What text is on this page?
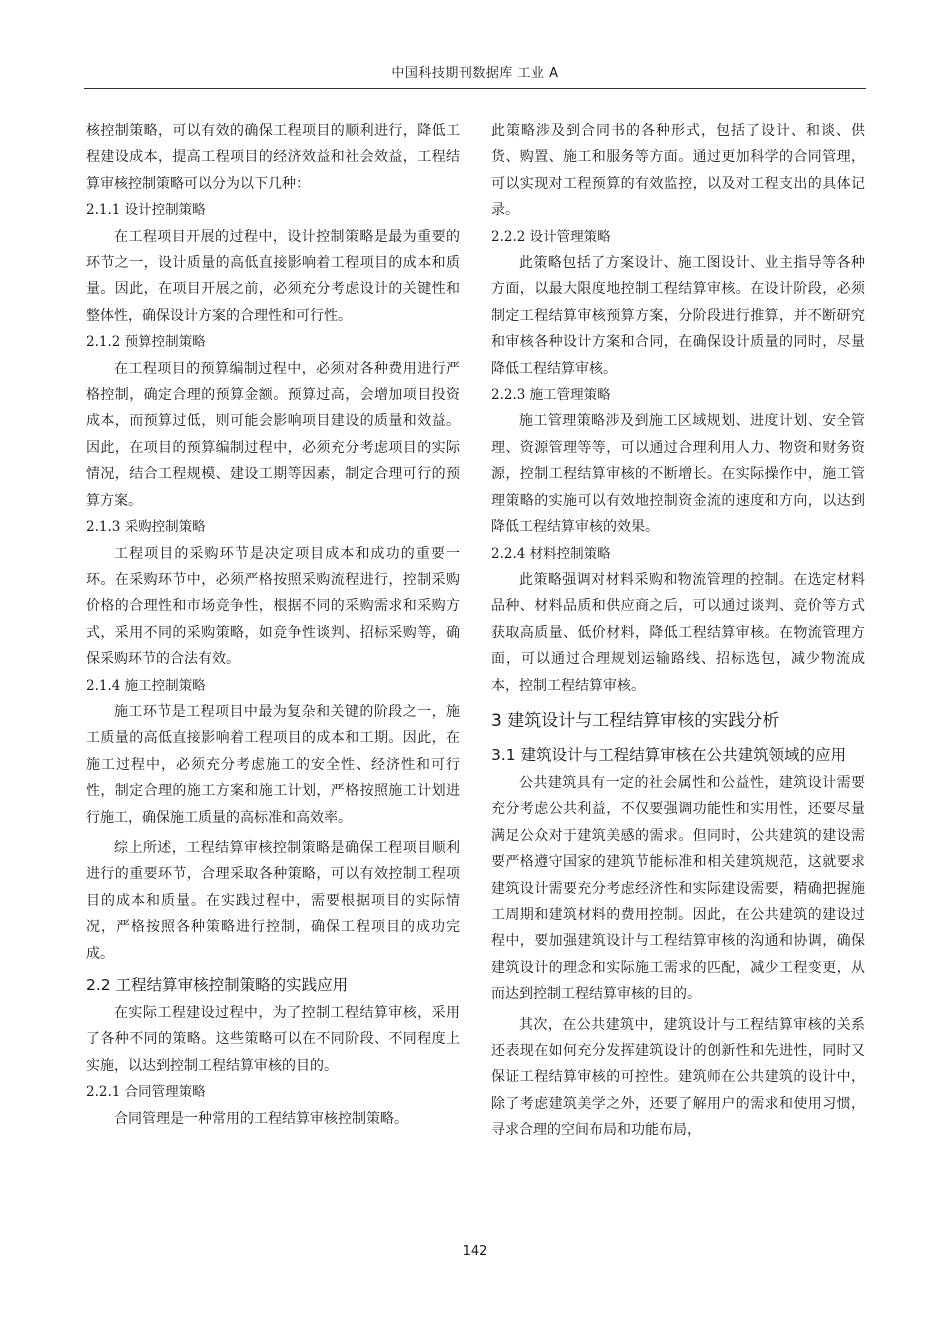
中国科技期刊数据库 工业 A

核控制策略，可以有效的确保工程项目的顺利进行，降低工程建设成本，提高工程项目的经济效益和社会效益，工程结算审核控制策略可以分为以下几种：

2.1.1 设计控制策略

在工程项目开展的过程中，设计控制策略是最为重要的环节之一，设计质量的高低直接影响着工程项目的成本和质量。因此，在项目开展之前，必须充分考虑设计的关键性和整体性，确保设计方案的合理性和可行性。

2.1.2 预算控制策略

在工程项目的预算编制过程中，必须对各种费用进行严格控制，确定合理的预算金额。预算过高，会增加项目投资成本，而预算过低，则可能会影响项目建设的质量和效益。因此，在项目的预算编制过程中，必须充分考虑项目的实际情况，结合工程规模、建设工期等因素，制定合理可行的预算方案。

2.1.3 采购控制策略

工程项目的采购环节是决定项目成本和成功的重要一环。在采购环节中，必须严格按照采购流程进行，控制采购价格的合理性和市场竞争性，根据不同的采购需求和采购方式，采用不同的采购策略，如竞争性谈判、招标采购等，确保采购环节的合法有效。

2.1.4 施工控制策略

施工环节是工程项目中最为复杂和关键的阶段之一，施工质量的高低直接影响着工程项目的成本和工期。因此，在施工过程中，必须充分考虑施工的安全性、经济性和可行性，制定合理的施工方案和施工计划，严格按照施工计划进行施工，确保施工质量的高标准和高效率。

综上所述，工程结算审核控制策略是确保工程项目顺利进行的重要环节，合理采取各种策略，可以有效控制工程项目的成本和质量。在实践过程中，需要根据项目的实际情况，严格按照各种策略进行控制，确保工程项目的成功完成。

2.2 工程结算审核控制策略的实践应用

在实际工程建设过程中，为了控制工程结算审核，采用了各种不同的策略。这些策略可以在不同阶段、不同程度上实施，以达到控制工程结算审核的目的。

2.2.1 合同管理策略

合同管理是一种常用的工程结算审核控制策略。

此策略涉及到合同书的各种形式，包括了设计、和谈、供货、购置、施工和服务等方面。通过更加科学的合同管理，可以实现对工程预算的有效监控，以及对工程支出的具体记录。

2.2.2 设计管理策略

此策略包括了方案设计、施工图设计、业主指导等各种方面，以最大限度地控制工程结算审核。在设计阶段，必须制定工程结算审核预算方案，分阶段进行推算，并不断研究和审核各种设计方案和合同，在确保设计质量的同时，尽量降低工程结算审核。

2.2.3 施工管理策略

施工管理策略涉及到施工区域规划、进度计划、安全管理、资源管理等等，可以通过合理利用人力、物资和财务资源，控制工程结算审核的不断增长。在实际操作中，施工管理策略的实施可以有效地控制资金流的速度和方向，以达到降低工程结算审核的效果。

2.2.4 材料控制策略

此策略强调对材料采购和物流管理的控制。在选定材料品种、材料品质和供应商之后，可以通过谈判、竞价等方式获取高质量、低价材料，降低工程结算审核。在物流管理方面，可以通过合理规划运输路线、招标选包，减少物流成本，控制工程结算审核。

3 建筑设计与工程结算审核的实践分析
3.1 建筑设计与工程结算审核在公共建筑领域的应用

公共建筑具有一定的社会属性和公益性，建筑设计需要充分考虑公共利益，不仅要强调功能性和实用性，还要尽量满足公众对于建筑美感的需求。但同时，公共建筑的建设需要严格遵守国家的建筑节能标准和相关建筑规范，这就要求建筑设计需要充分考虑经济性和实际建设需要，精确把握施工周期和建筑材料的费用控制。因此，在公共建筑的建设过程中，要加强建筑设计与工程结算审核的沟通和协调，确保建筑设计的理念和实际施工需求的匹配，减少工程变更，从而达到控制工程结算审核的目的。

其次，在公共建筑中，建筑设计与工程结算审核的关系还表现在如何充分发挥建筑设计的创新性和先进性，同时又保证工程结算审核的可控性。建筑师在公共建筑的设计中，除了考虑建筑美学之外，还要了解用户的需求和使用习惯，寻求合理的空间布局和功能布局，

142
